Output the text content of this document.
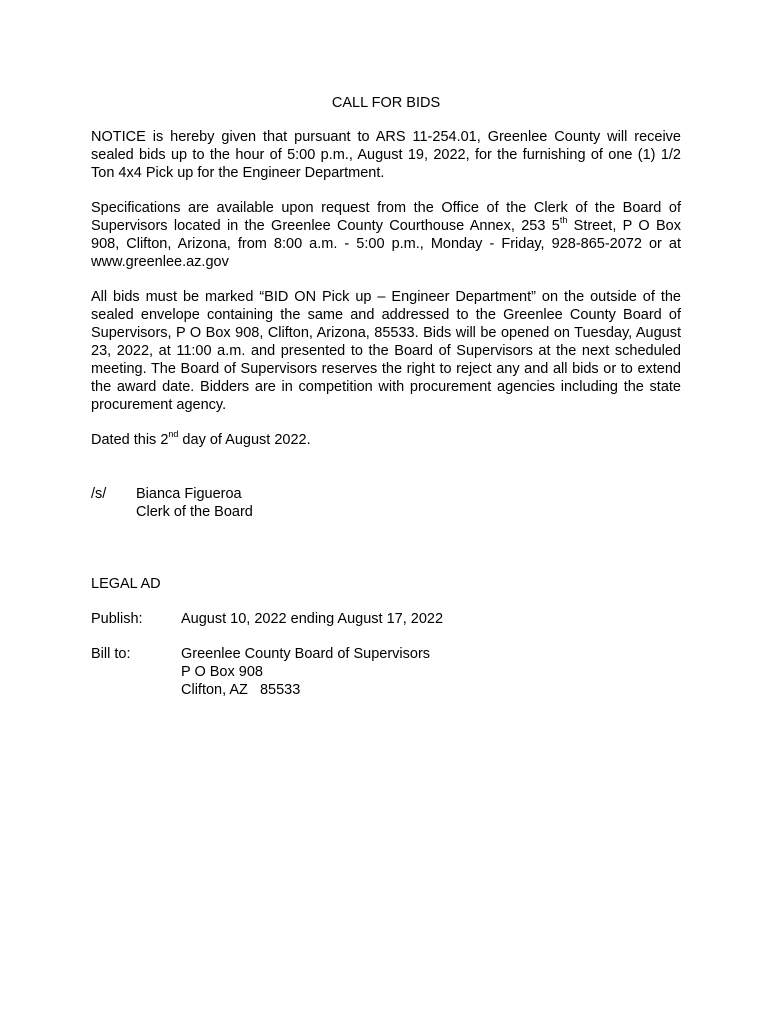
CALL FOR BIDS

NOTICE is hereby given that pursuant to ARS 11-254.01, Greenlee County will receive sealed bids up to the hour of 5:00 p.m., August 19, 2022, for the furnishing of one (1) 1/2 Ton 4x4 Pick up for the Engineer Department.

Specifications are available upon request from the Office of the Clerk of the Board of Supervisors located in the Greenlee County Courthouse Annex, 253 5th Street, P O Box 908, Clifton, Arizona, from 8:00 a.m. - 5:00 p.m., Monday - Friday, 928-865-2072 or at www.greenlee.az.gov

All bids must be marked “BID ON Pick up – Engineer Department” on the outside of the sealed envelope containing the same and addressed to the Greenlee County Board of Supervisors, P O Box 908, Clifton, Arizona, 85533. Bids will be opened on Tuesday, August 23, 2022, at 11:00 a.m. and presented to the Board of Supervisors at the next scheduled meeting. The Board of Supervisors reserves the right to reject any and all bids or to extend the award date. Bidders are in competition with procurement agencies including the state procurement agency.

Dated this 2nd day of August 2022.
/s/	Bianca Figueroa
Clerk of the Board
LEGAL AD
Publish:	August 10, 2022 ending August 17, 2022
Bill to:	Greenlee County Board of Supervisors
P O Box 908
Clifton, AZ   85533
